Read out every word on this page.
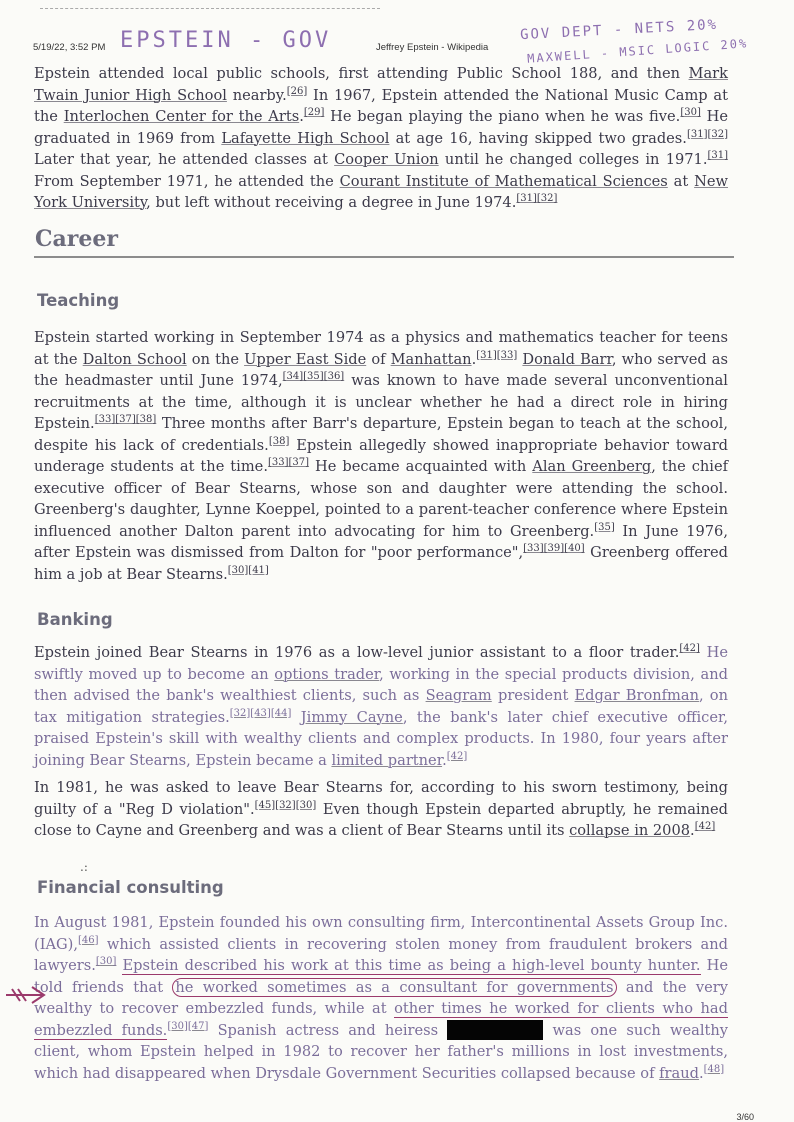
5/19/22, 3:52 PM	Jeffrey Epstein - Wikipedia
EPSTEIN - GOV	GOV DEPT - NETS 20%
MAXWELL - MSIC LOGIC 20%

Epstein attended local public schools, first attending Public School 188, and then Mark Twain Junior High School nearby.[26] In 1967, Epstein attended the National Music Camp at the Interlochen Center for the Arts.[29] He began playing the piano when he was five.[30] He graduated in 1969 from Lafayette High School at age 16, having skipped two grades.[31][32] Later that year, he attended classes at Cooper Union until he changed colleges in 1971.[31] From September 1971, he attended the Courant Institute of Mathematical Sciences at New York University, but left without receiving a degree in June 1974.[31][32]

Career
Teaching

Epstein started working in September 1974 as a physics and mathematics teacher for teens at the Dalton School on the Upper East Side of Manhattan.[31][33] Donald Barr, who served as the headmaster until June 1974,[34][35][36] was known to have made several unconventional recruitments at the time, although it is unclear whether he had a direct role in hiring Epstein.[33][37][38] Three months after Barr's departure, Epstein began to teach at the school, despite his lack of credentials.[38] Epstein allegedly showed inappropriate behavior toward underage students at the time.[33][37] He became acquainted with Alan Greenberg, the chief executive officer of Bear Stearns, whose son and daughter were attending the school. Greenberg's daughter, Lynne Koeppel, pointed to a parent-teacher conference where Epstein influenced another Dalton parent into advocating for him to Greenberg.[35] In June 1976, after Epstein was dismissed from Dalton for "poor performance",[33][39][40] Greenberg offered him a job at Bear Stearns.[30][41]

Banking

Epstein joined Bear Stearns in 1976 as a low-level junior assistant to a floor trader.[42] He swiftly moved up to become an options trader, working in the special products division, and then advised the bank's wealthiest clients, such as Seagram president Edgar Bronfman, on tax mitigation strategies.[32][43][44] Jimmy Cayne, the bank's later chief executive officer, praised Epstein's skill with wealthy clients and complex products. In 1980, four years after joining Bear Stearns, Epstein became a limited partner.[42]

In 1981, he was asked to leave Bear Stearns for, according to his sworn testimony, being guilty of a "Reg D violation".[45][32][30] Even though Epstein departed abruptly, he remained close to Cayne and Greenberg and was a client of Bear Stearns until its collapse in 2008.[42]

.:
Financial consulting

In August 1981, Epstein founded his own consulting firm, Intercontinental Assets Group Inc. (IAG),[46] which assisted clients in recovering stolen money from fraudulent brokers and lawyers.[30] Epstein described his work at this time as being a high-level bounty hunter. He told friends that he worked sometimes as a consultant for governments and the very wealthy to recover embezzled funds, while at other times he worked for clients who had embezzled funds.[30][47] Spanish actress and heiress	was one such wealthy client, whom Epstein helped in 1982 to recover her father's millions in lost investments, which had disappeared when Drysdale Government Securities collapsed because of fraud.[48]

3/60
